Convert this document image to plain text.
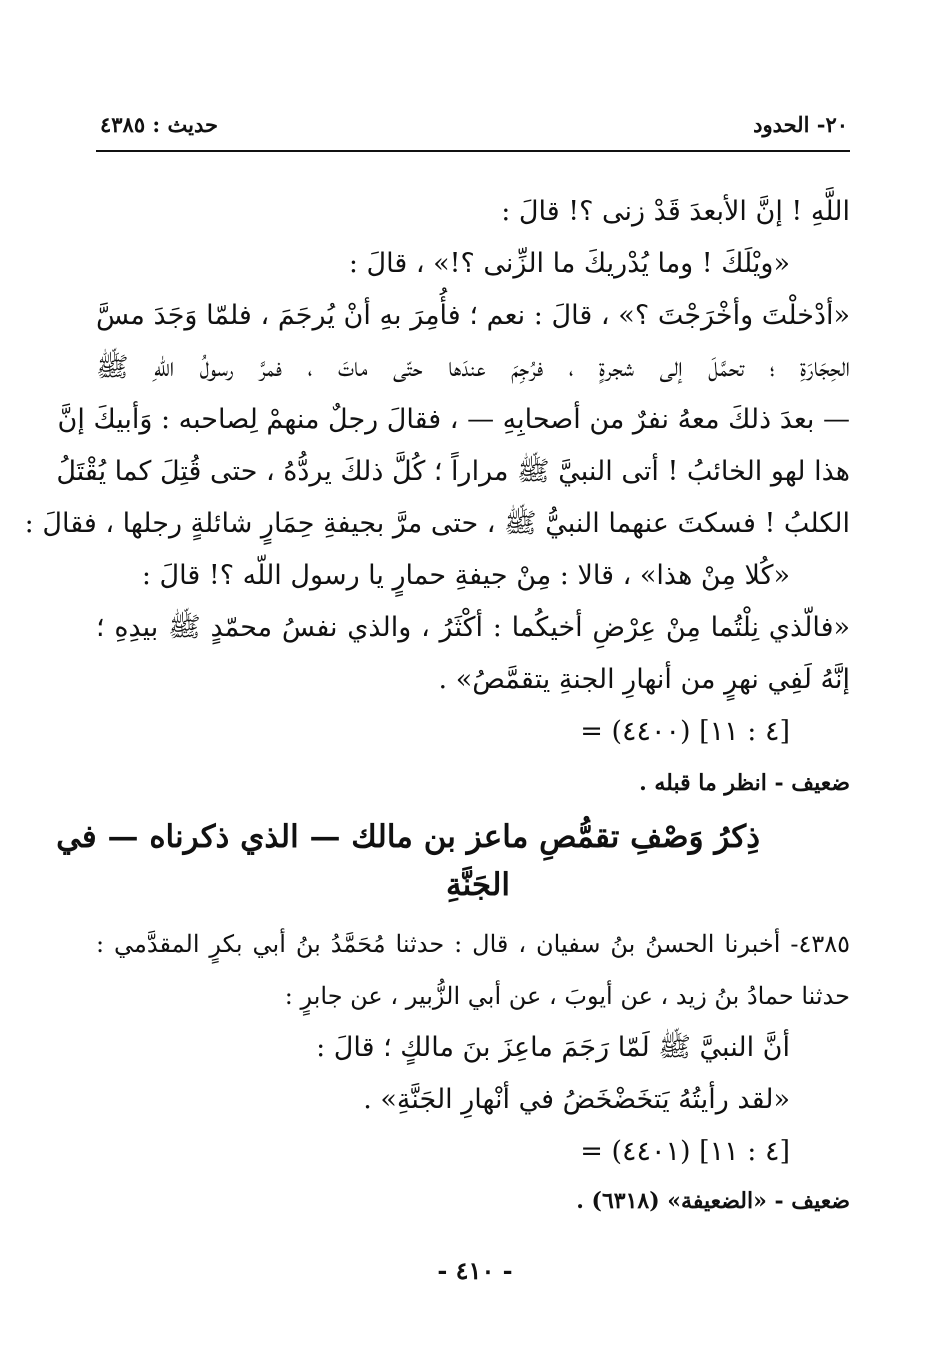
٢٠- الحدود
حديث : ٤٣٨٥
اللَّهِ ! إنَّ الأبعدَ قَدْ زنى ؟! قالَ :
«ويْلَكَ ! وما يُدْريكَ ما الزِّنى ؟!» ، قالَ :
«أدْخلْتَ وأخْرَجْتَ ؟» ، قالَ : نعم ؛ فأُمِرَ بهِ أنْ يُرجَمَ ، فلمّا وَجَدَ مسَّ
الحِجَارَةِ ؛ تحمَّلَ إلى شجرةٍ ، فرُجِمَ عندَها حتّى ماتَ ، فمرَّ رسولُ اللّهِ ﷺ
— بعدَ ذلكَ معهُ نفرٌ من أصحابِهِ — ، فقالَ رجلٌ منهمْ لِصاحبه : وَأبيكَ إنَّ
هذا لهو الخائبُ ! أتى النبيَّ ﷺ مراراً ؛ كُلَّ ذلكَ يردُّهُ ، حتى قُتِلَ كما يُقْتَلُ
الكلبُ ! فسكتَ عنهما النبيُّ ﷺ ، حتى مرَّ بجيفةِ حِمَارٍ شائلةٍ رجلها ، فقالَ :
«كُلا مِنْ هذا» ، قالا : مِنْ جيفةِ حمارٍ يا رسول اللّه ؟! قالَ :
«فالّذي نِلْتُما مِنْ عِرْضِ أخيكُما : أكْثَرُ ، والذي نفسُ محمّدٍ ﷺ بيدِهِ ؛
إنَّهُ لَفِي نهرٍ من أنهارِ الجنةِ يتقمَّصُ» .
= (٤٤٠٠) [٤ : ١١]
ضعيف - انظر ما قبله .
ذِكرُ وَصْفِ تقمُّصِ ماعز بن مالك — الذي ذكرناه — في
الجَنَّةِ
٤٣٨٥- أخبرنا الحسنُ بنُ سفيان ، قال : حدثنا مُحَمَّدُ بنُ أبي بكرٍ المقدَّمي :
حدثنا حمادُ بنُ زيد ، عن أيوبَ ، عن أبي الزُّبير ، عن جابرٍ :
أنَّ النبيَّ ﷺ لَمّا رَجَمَ ماعِزَ بنَ مالكٍ ؛ قالَ :
«لقد رأيتُهُ يَتخَضْخَضُ في أنْهارِ الجَنَّةِ» .
= (٤٤٠١) [٤ : ١١]
ضعيف - «الضعيفة» (٦٣١٨) .
- ٤١٠ -
